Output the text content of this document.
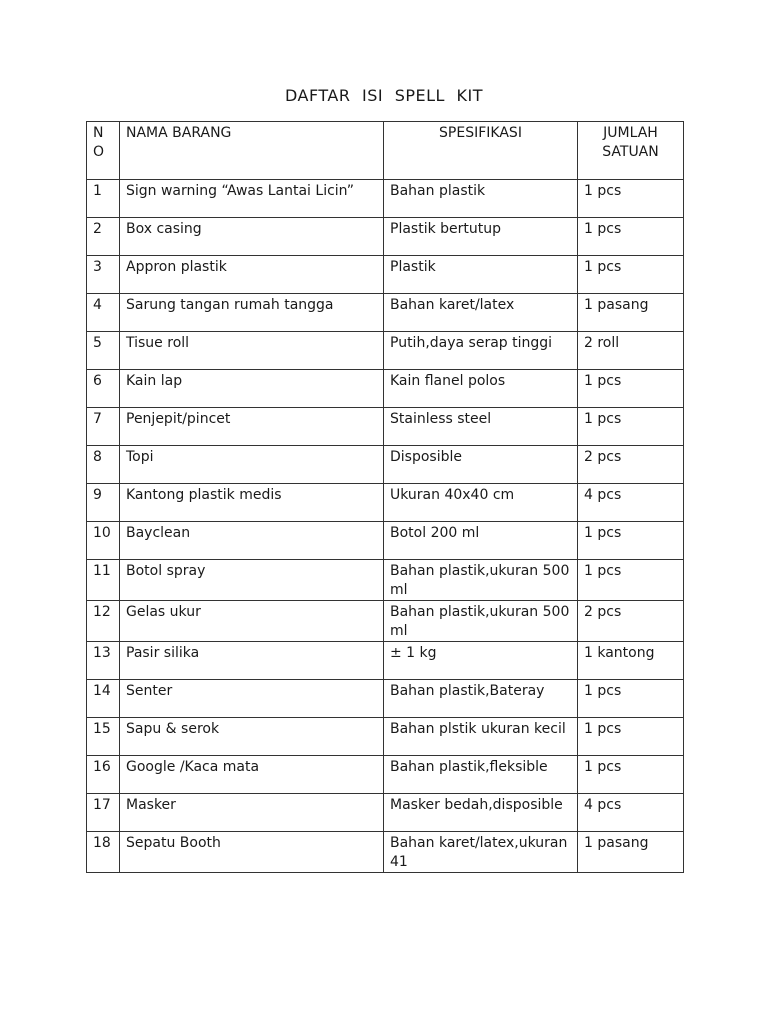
DAFTAR ISI SPELL KIT
N O	NAMA BARANG	SPESIFIKASI	JUMLAH SATUAN
1	Sign warning “Awas Lantai Licin”	Bahan plastik	1 pcs
2	Box casing	Plastik bertutup	1 pcs
3	Appron plastik	Plastik	1 pcs
4	Sarung tangan rumah tangga	Bahan karet/latex	1 pasang
5	Tisue roll	Putih,daya serap tinggi	2 roll
6	Kain lap	Kain flanel polos	1 pcs
7	Penjepit/pincet	Stainless steel	1 pcs
8	Topi	Disposible	2 pcs
9	Kantong plastik medis	Ukuran 40x40 cm	4 pcs
10	Bayclean	Botol 200 ml	1 pcs
11	Botol spray	Bahan plastik,ukuran 500 ml	1 pcs
12	Gelas ukur	Bahan plastik,ukuran 500 ml	2 pcs
13	Pasir silika	± 1 kg	1 kantong
14	Senter	Bahan plastik,Bateray	1 pcs
15	Sapu & serok	Bahan plstik ukuran kecil	1 pcs
16	Google /Kaca mata	Bahan plastik,fleksible	1 pcs
17	Masker	Masker bedah,disposible	4 pcs
18	Sepatu Booth	Bahan karet/latex,ukuran 41	1 pasang
